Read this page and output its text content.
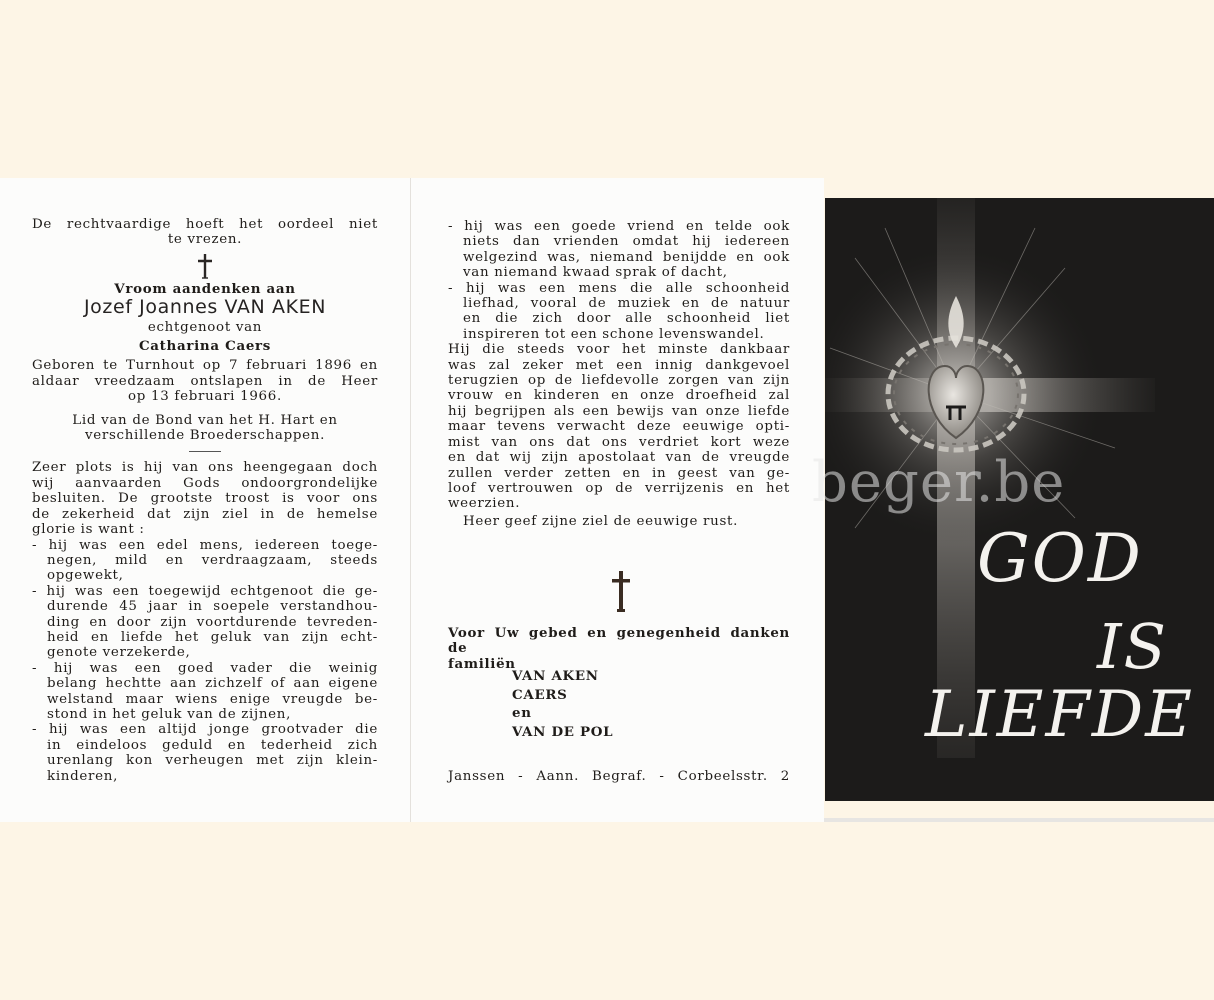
De rechtvaardige hoeft het oordeel niet
te vrezen.
Vroom aandenken aan
Jozef Joannes VAN AKEN
echtgenoot van
Catharina Caers
Geboren te Turnhout op 7 februari 1896 en
aldaar vreedzaam ontslapen in de Heer
op 13 februari 1966.
Lid van de Bond van het H. Hart en
verschillende Broederschappen.
Zeer plots is hij van ons heengegaan doch
wij aanvaarden Gods ondoorgrondelijke
besluiten. De grootste troost is voor ons
de zekerheid dat zijn ziel in de hemelse
glorie is want :
- hij was een edel mens, iedereen toege-
negen, mild en verdraagzaam, steeds
opgewekt,
- hij was een toegewijd echtgenoot die ge-
durende 45 jaar in soepele verstandhou-
ding en door zijn voortdurende tevreden-
heid en liefde het geluk van zijn echt-
genote verzekerde,
- hij was een goed vader die weinig
belang hechtte aan zichzelf of aan eigene
welstand maar wiens enige vreugde be-
stond in het geluk van de zijnen,
- hij was een altijd jonge grootvader die
in eindeloos geduld en tederheid zich
urenlang kon verheugen met zijn klein-
kinderen,
- hij was een goede vriend en telde ook
niets dan vrienden omdat hij iedereen
welgezind was, niemand benijdde en ook
van niemand kwaad sprak of dacht,
- hij was een mens die alle schoonheid
liefhad, vooral de muziek en de natuur
en die zich door alle schoonheid liet
inspireren tot een schone levenswandel.
Hij die steeds voor het minste dankbaar
was zal zeker met een innig dankgevoel
terugzien op de liefdevolle zorgen van zijn
vrouw en kinderen en onze droefheid zal
hij begrijpen als een bewijs van onze liefde
maar tevens verwacht deze eeuwige opti-
mist van ons dat ons verdriet kort weze
en dat wij zijn apostolaat van de vreugde
zullen verder zetten en in geest van ge-
loof vertrouwen op de verrijzenis en het
weerzien.
Heer geef zijne ziel de eeuwige rust.
Voor Uw gebed en genegenheid danken de
familiën
VAN AKEN
CAERS
en
VAN DE POL
Janssen - Aann. Begraf. - Corbeelsstr. 2
GOD
IS
LIEFDE
beger.be
